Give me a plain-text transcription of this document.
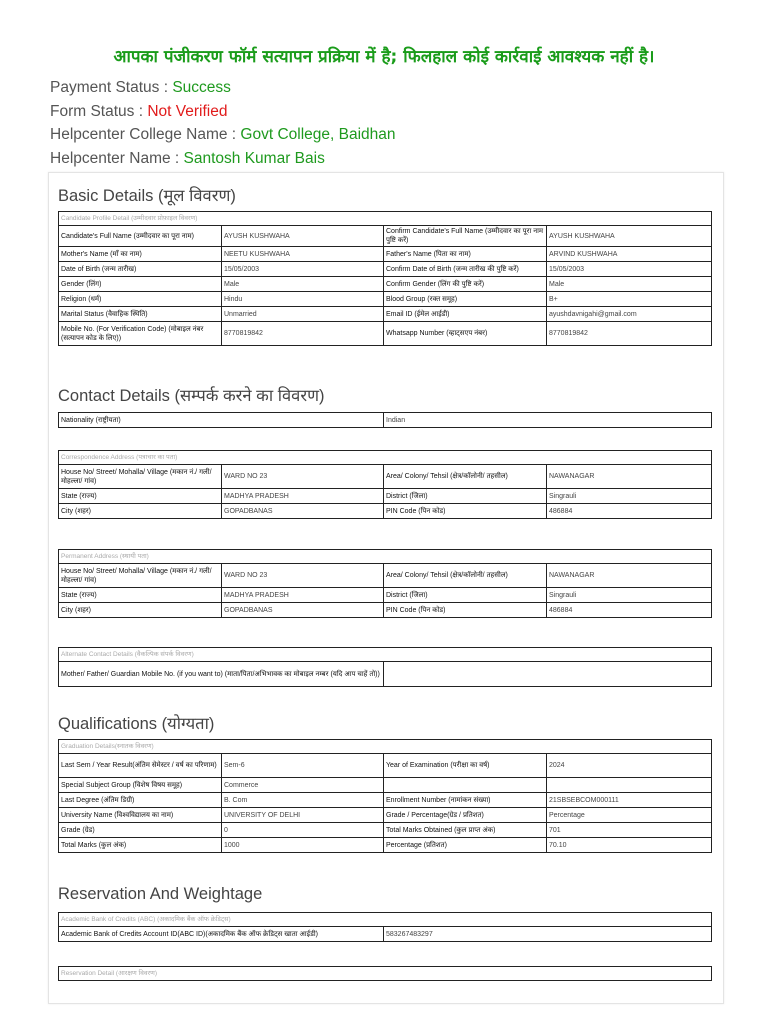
आपका पंजीकरण फॉर्म सत्यापन प्रक्रिया में है; फिलहाल कोई कार्रवाई आवश्यक नहीं है।
Payment Status : Success
Form Status : Not Verified
Helpcenter College Name : Govt College, Baidhan
Helpcenter Name : Santosh Kumar Bais
Basic Details (मूल विवरण)
Contact Details (सम्पर्क करने का विवरण)
Qualifications (योग्यता)
Reservation And Weightage
Candidate Profile Detail (उम्मीदवार प्रोफ़ाइल विवरण)			
Candidate's Full Name (उम्मीदवार का पूरा नाम)	AYUSH KUSHWAHA	Confirm Candidate's Full Name (उम्मीदवार का पूरा नाम पुष्टि करें)	AYUSH KUSHWAHA
Mother's Name (माँ का नाम)	NEETU KUSHWAHA	Father's Name (पिता का नाम)	ARVIND KUSHWAHA
Date of Birth (जन्म तारीख)	15/05/2003	Confirm Date of Birth (जन्म तारीख की पुष्टि करें)	15/05/2003
Gender (लिंग)	Male	Confirm Gender (लिंग की पुष्टि करें)	Male
Religion (धर्म)	Hindu	Blood Group (रक्त समूह)	B+
Marital Status (वैवाहिक स्थिति)	Unmarried	Email ID (ईमेल आईडी)	ayushdavnigahi@gmail.com
Mobile No. (For Verification Code) (मोबाइल नंबर (सत्यापन कोड के लिए))	8770819842	Whatsapp Number (व्हाट्सएप नंबर)	8770819842
Nationality (राष्ट्रीयता)	Indian
Correspondence Address (पत्राचार का पता)			
House No/ Street/ Mohalla/ Village (मकान नं./ गली/ मोहल्ला/ गांव)	WARD NO 23	Area/ Colony/ Tehsil (क्षेत्र/कॉलोनी/ तहसील)	NAWANAGAR
State (राज्य)	MADHYA PRADESH	District (जिला)	Singrauli
City (शहर)	GOPADBANAS	PIN Code (पिन कोड)	486884
Permanent Address (स्थायी पता)			
House No/ Street/ Mohalla/ Village (मकान नं./ गली/ मोहल्ला/ गांव)	WARD NO 23	Area/ Colony/ Tehsil (क्षेत्र/कॉलोनी/ तहसील)	NAWANAGAR
State (राज्य)	MADHYA PRADESH	District (जिला)	Singrauli
City (शहर)	GOPADBANAS	PIN Code (पिन कोड)	486884
Alternate Contact Details (वैकल्पिक संपर्क विवरण)
Mother/ Father/ Guardian Mobile No. (if you want to) (माता/पिता/अभिभावक का मोबाइल नम्बर (यदि आप चाहें तो))	
Graduation Details(स्नातक विवरण)			
Last Sem / Year Result(अंतिम सेमेस्टर / वर्ष का परिणाम)	Sem-6	Year of Examination (परीक्षा का वर्ष)	2024
Special Subject Group (विशेष विषय समूह)	Commerce		
Last Degree (अंतिम डिग्री)	B. Com	Enrollment Number (नामांकन संख्या)	21SBSEBCOM000111
University Name (विश्वविद्यालय का नाम)	UNIVERSITY OF DELHI	Grade / Percentage(ग्रेड / प्रतिशत)	Percentage
Grade (ग्रेड)	0	Total Marks Obtained (कुल प्राप्त अंक)	701
Total Marks (कुल अंक)	1000	Percentage (प्रतिशत)	70.10
Academic Bank of Credits (ABC) (अकादमिक बैंक ऑफ क्रेडिट्स)
Academic Bank of Credits Account ID(ABC ID)(अकादमिक बैंक ऑफ क्रेडिट्स खाता आईडी)	583267483297
Reservation Detail (आरक्षण विवरण)
